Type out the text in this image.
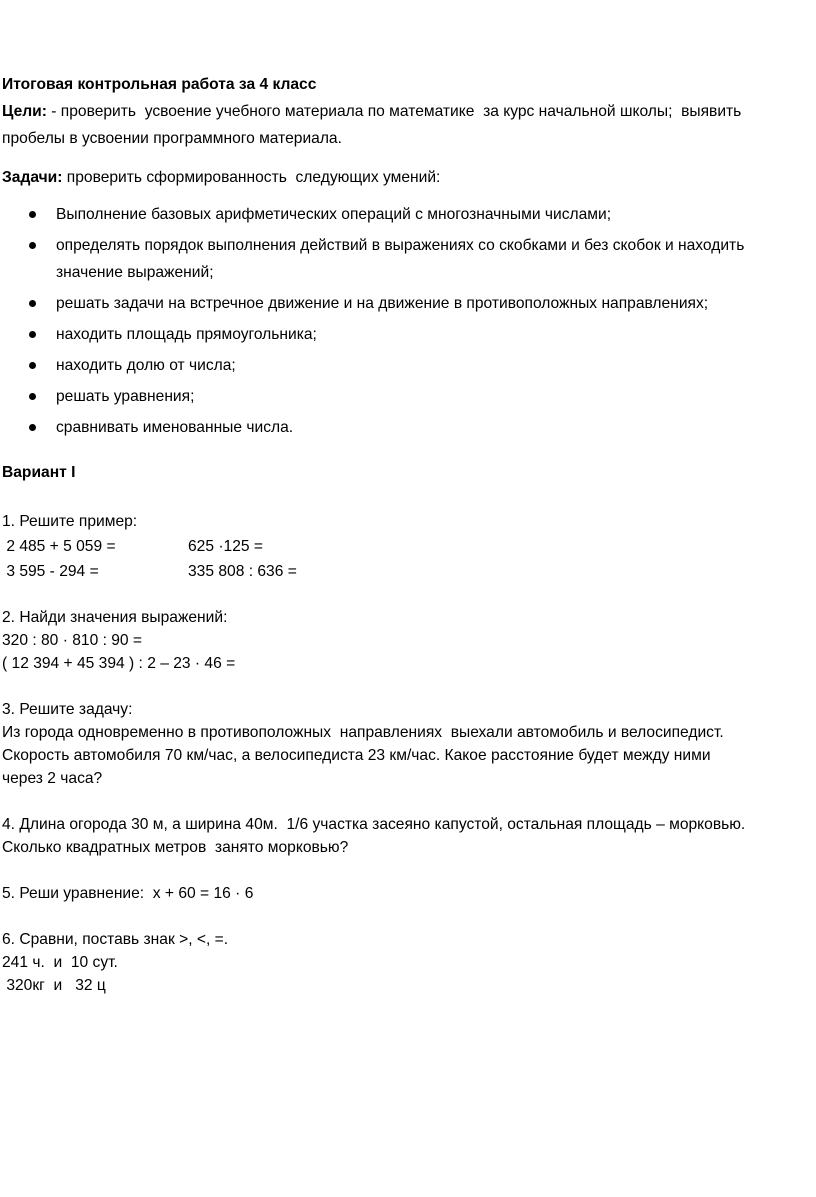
Итоговая контрольная работа за 4 класс
Цели: - проверить  усвоение учебного материала по математике  за курс начальной школы;  выявить
пробелы в усвоении программного материала.
Задачи: проверить сформированность  следующих умений:
Выполнение базовых арифметических операций с многозначными числами;
определять порядок выполнения действий в выражениях со скобками и без скобок и находить значение выражений;
решать задачи на встречное движение и на движение в противоположных направлениях;
находить площадь прямоугольника;
находить долю от числа;
решать уравнения;
сравнивать именованные числа.
Вариант I
1. Решите пример:
2 485 + 5 059 =	625 ·125 =
3 595 - 294 =	335 808 : 636 =
2. Найди значения выражений:
320 : 80 · 810 : 90 =
( 12 394 + 45 394 ) : 2 – 23 · 46 =
3. Решите задачу:
Из города одновременно в противоположных  направлениях  выехали автомобиль и велосипедист.
Скорость автомобиля 70 км/час, а велосипедиста 23 км/час. Какое расстояние будет между ними
через 2 часа?
4. Длина огорода 30 м, а ширина 40м.  1/6 участка засеяно капустой, остальная площадь – морковью.
Сколько квадратных метров  занято морковью?
5. Реши уравнение:  х + 60 = 16 · 6
6. Сравни, поставь знак >, <, =.
241 ч.  и  10 сут.
320кг  и   32 ц
